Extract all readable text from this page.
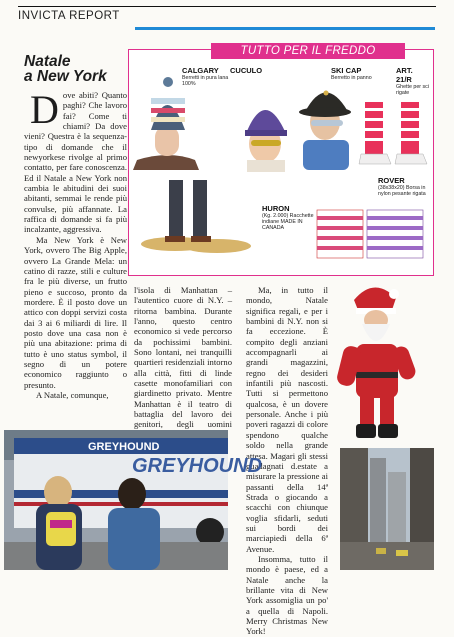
INVICTA REPORT
Natale
a New York

Dove abiti? Quanto paghi? Che lavoro fai? Come ti chiami? Da dove vieni? Questra è la sequenza-tipo di domande che il newyorkese rivolge al primo contatto, per fare conoscenza. Ed il Natale a New York non cambia le abitudini dei suoi abitanti, semmai le rende più convulse, più affannate. La raffica di domande si fa più incalzante, aggressiva.

Ma New York è New York, ovvero The Big Apple, ovvero La Grande Mela: un catino di razze, stili e culture fra le più diverse, un frutto pieno e succoso, pronto da mordere. È il posto dove un attico con doppi servizi costa dai 3 ai 6 miliardi di lire. Il posto dove una casa non è più una abitazione: prima di tutto è uno status symbol, il segno di un potere economico raggiunto o presunto.

A Natale, comunque,

l'isola di Manhattan – l'autentico cuore di N.Y. – ritorna bambina. Durante l'anno, questo centro economico si vede percorso da pochissimi bambini. Sono lontani, nei tranquilli quartieri residenziali intorno alla città, fitti di linde casette monofamiliari con giardinetto privato. Mentre Manhattan è il teatro di battaglia del lavoro dei genitori, degli uomini

Ma, in tutto il mondo, Natale significa regali, e per i bambini di N.Y. non si fa eccezione. È compito degli anziani accompagnarli ai grandi magazzini, regno dei desideri infantili più nascosti. Tutti si permettono qualcosa, è un dovere personale. Anche i più poveri ragazzi di colore spendono qualche soldo nella grande attesa. Magari gli stessi guadagnati d.estate a misurare la pressione ai passanti della 14ª Strada o giocando a scacchi con chiunque voglia sfidarli, seduti sui bordi dei marciapiedi della 6ª Avenue.

Insomma, tutto il mondo è paese, ed a Natale anche la brillante vita di New York assomiglia un po' a quella di Napoli. Merry Christmas New York!

TUTTO PER IL FREDDO
CALGARY
Berretti in pura lana 100%
CUCULO	SKI CAP
Berretto in panno
ART. 21/R
Ghette per sci rigate
ROVER
(38x38x20) Borsa in nylon pesante rigata
HURON
(Kg. 2.000) Racchette indiane MADE IN CANADA
GREYHOUND
GREYHOUND
